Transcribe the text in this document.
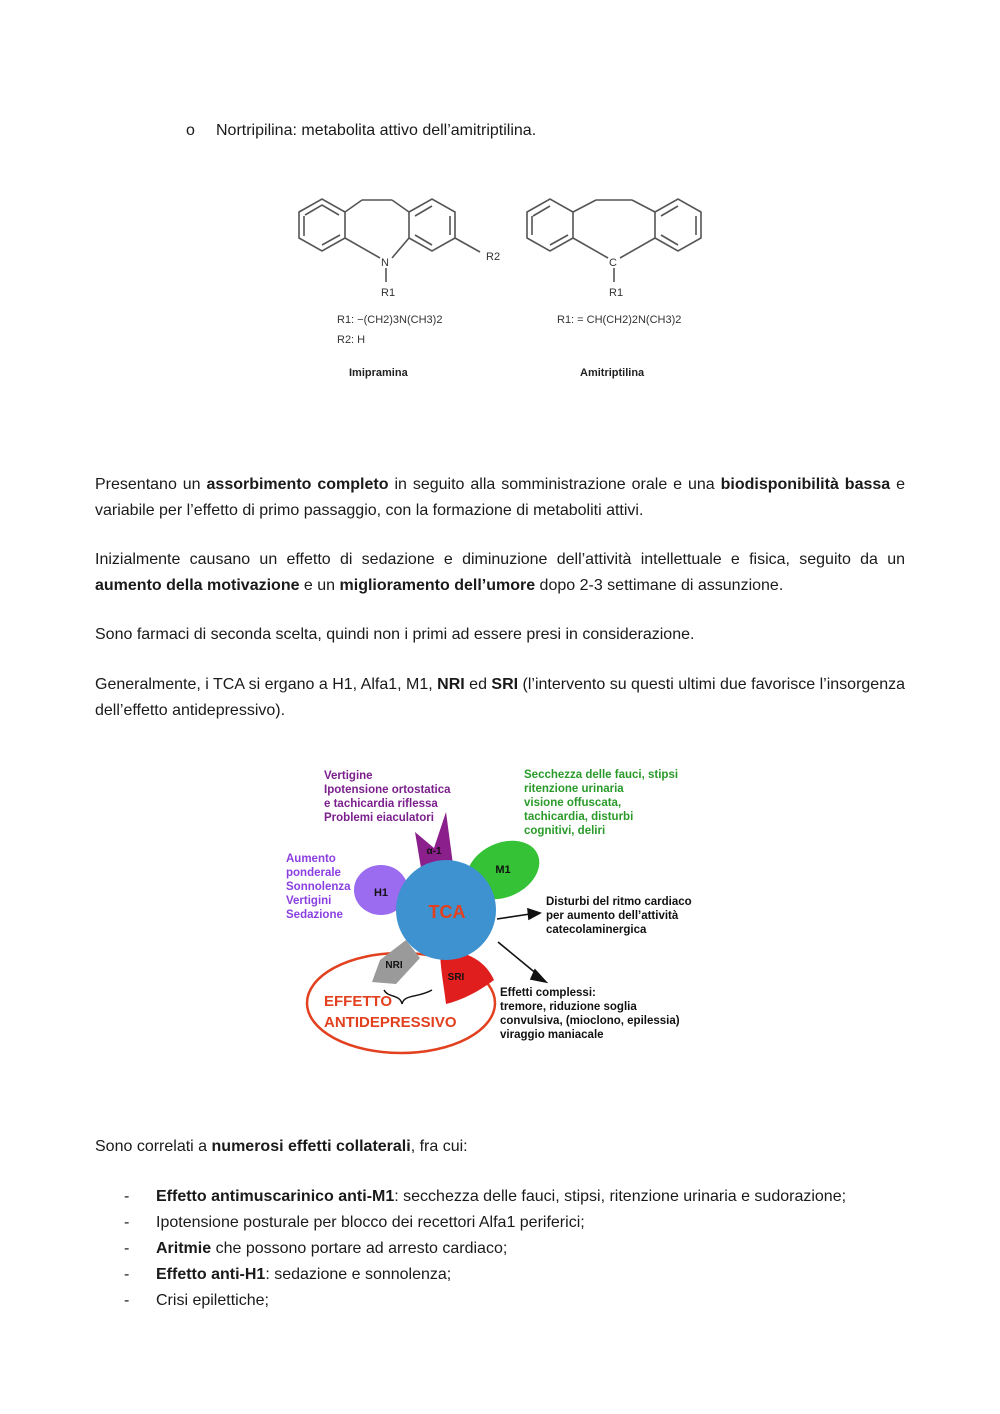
o Nortripilina: metabolita attivo dell’amitriptilina.
N	R2
R1
R1: −(CH2)3N(CH3)2
R2: H
Imipramina
C
R1
R1: = CH(CH2)2N(CH3)2
Amitriptilina
Presentano un assorbimento completo in seguito alla somministrazione orale e una biodisponibilità bassa e variabile per l’effetto di primo passaggio, con la formazione di metaboliti attivi.
Inizialmente causano un effetto di sedazione e diminuzione dell’attività intellettuale e fisica, seguito da un aumento della motivazione e un miglioramento dell’umore dopo 2-3 settimane di assunzione.
Sono farmaci di seconda scelta, quindi non i primi ad essere presi in considerazione.
Generalmente, i TCA si ergano a H1, Alfa1, M1, NRI ed SRI (l’intervento su questi ultimi due favorisce l’insorgenza dell’effetto antidepressivo).
TCA
H1
M1
α-1
NRI
SRI
Vertigine
Ipotensione ortostatica
e tachicardia riflessa
Problemi eiaculatori
Secchezza delle fauci, stipsi
ritenzione urinaria
visione offuscata,
tachicardia, disturbi
cognitivi, deliri
Aumento
ponderale
Sonnolenza
Vertigini
Sedazione
Disturbi del ritmo cardiaco
per aumento dell’attività
catecolaminergica
Effetti complessi:
tremore, riduzione soglia
convulsiva, (mioclono, epilessia)
viraggio maniacale
EFFETTO
ANTIDEPRESSIVO
Sono correlati a numerosi effetti collaterali, fra cui:
- Effetto antimuscarinico anti-M1: secchezza delle fauci, stipsi, ritenzione urinaria e sudorazione;
- Ipotensione posturale per blocco dei recettori Alfa1 periferici;
- Aritmie che possono portare ad arresto cardiaco;
- Effetto anti-H1: sedazione e sonnolenza;
- Crisi epilettiche;
